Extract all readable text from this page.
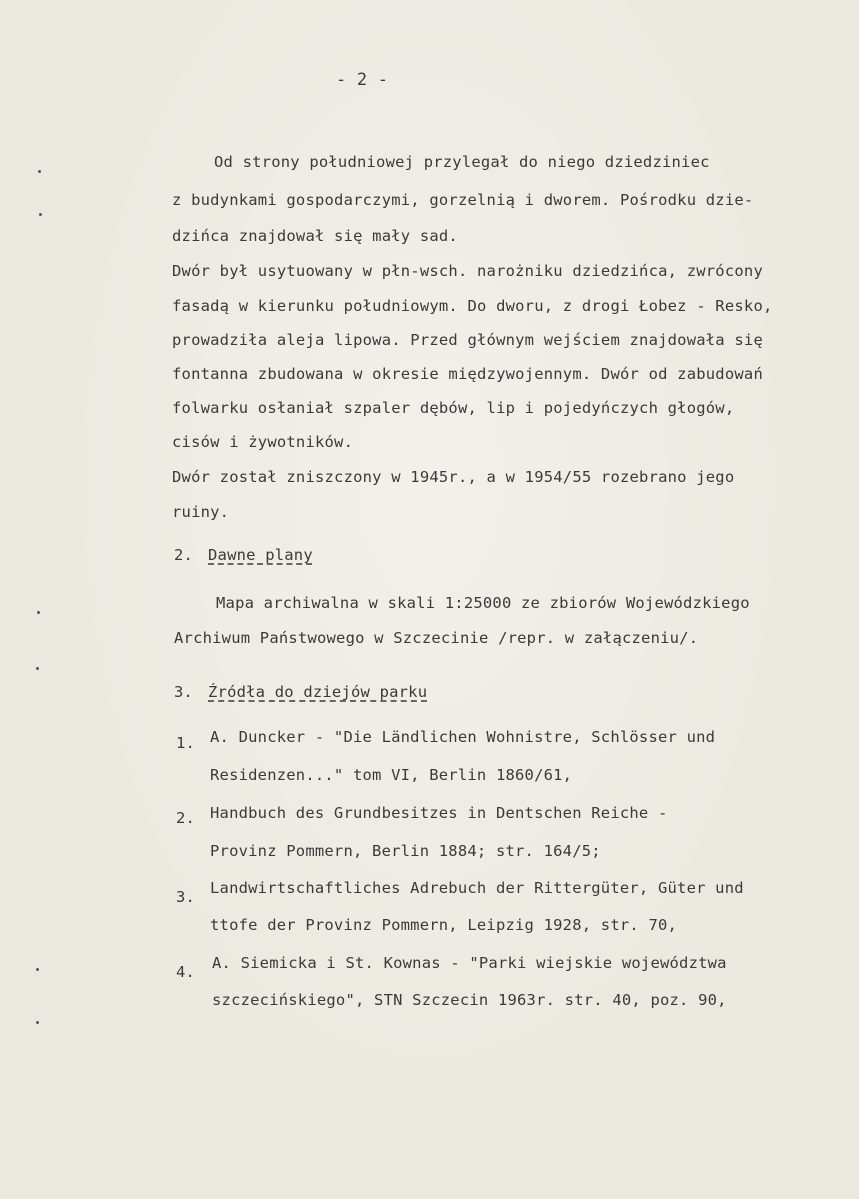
- 2 -
Od strony południowej przylegał do niego dziedziniec
z budynkami gospodarczymi, gorzelnią i dworem. Pośrodku dzie-
dzińca znajdował się mały sad.
Dwór był usytuowany w płn-wsch. narożniku dziedzińca, zwrócony
fasadą w kierunku południowym. Do dworu, z drogi Łobez - Resko,
prowadziła aleja lipowa. Przed głównym wejściem znajdowała się
fontanna zbudowana w okresie międzywojennym. Dwór od zabudowań
folwarku osłaniał szpaler dębów, lip i pojedyńczych głogów,
cisów i żywotników.
Dwór został zniszczony w 1945r., a w 1954/55 rozebrano jego
ruiny.
2. Dawne plany
Mapa archiwalna w skali 1:25000 ze zbiorów Wojewódzkiego
Archiwum Państwowego w Szczecinie /repr. w załączeniu/.
3. Źródła do dziejów parku
1. A. Duncker - "Die Ländlichen Wohnistre, Schlösser und
Residenzen..." tom VI, Berlin 1860/61,
2. Handbuch des Grundbesitzes in Dentschen Reiche -
Provinz Pommern, Berlin 1884; str. 164/5;
3. Landwirtschaftliches Adrebuch der Rittergüter, Güter und
ttofe der Provinz Pommern, Leipzig 1928, str. 70,
4. A. Siemicka i St. Kownas - "Parki wiejskie województwa
szczecińskiego", STN Szczecin 1963r. str. 40, poz. 90,
